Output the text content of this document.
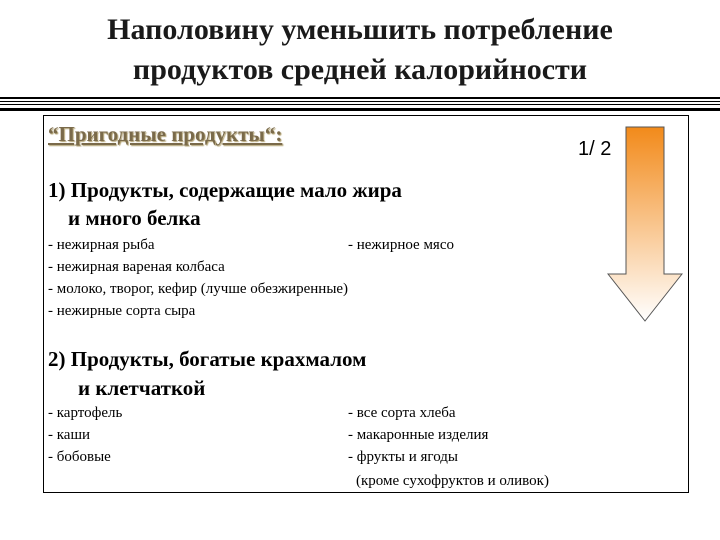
Наполовину уменьшить потребление
продуктов средней калорийности
“Пригодные продукты“:
1/ 2
1) Продукты, содержащие мало жира
и много белка
- нежирная рыба	- нежирное мясо
- нежирная вареная колбаса
- молоко, творог, кефир (лучше обезжиренные)
- нежирные сорта сыра
2) Продукты, богатые крахмалом
и клетчаткой
- картофель
- каши
- бобовые
- все сорта хлеба
- макаронные изделия
- фрукты и ягоды
(кроме сухофруктов и оливок)
